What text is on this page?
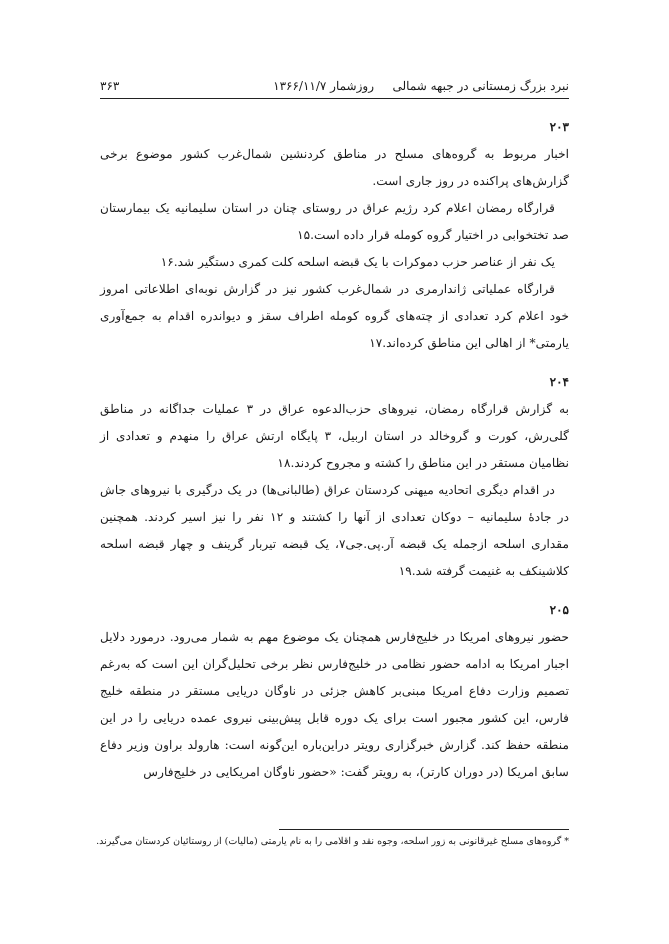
نبرد بزرگ زمستانی در جبهه شمالی
روزشمار ۱۳۶۶/۱۱/۷
۳۶۳
۲۰۳

اخبار مربوط به گروه‌های مسلح در مناطق کردنشین شمال‌غرب کشور موضوع برخی گزارش‌های پراکنده در روز جاری است.

قرارگاه رمضان اعلام کرد رژیم عراق در روستای چنان در استان سلیمانیه یک بیمارستان صد تختخوابی در اختیار گروه کومله قرار داده است.۱۵

یک نفر از عناصر حزب دموکرات با یک قبضه اسلحه کلت کمری دستگیر شد.۱۶

قرارگاه عملیاتی ژاندارمری در شمال‌غرب کشور نیز در گزارش نوبه‌ای اطلاعاتی امروز خود اعلام کرد تعدادی از چته‌های گروه کومله اطراف سقز و دیواندره اقدام به جمع‌آوری یارمتی* از اهالی این مناطق کرده‌اند.۱۷

۲۰۴

به گزارش قرارگاه رمضان، نیروهای حزب‌الدعوه عراق در ۳ عملیات جداگانه در مناطق گلی‌رش، کورت و گروخالد در استان اربیل، ۳ پایگاه ارتش عراق را منهدم و تعدادی از نظامیان مستقر در این مناطق را کشته و مجروح کردند.۱۸

در اقدام دیگری اتحادیه میهنی کردستان عراق (طالبانی‌ها) در یک درگیری با نیروهای جاش در جادهٔ سلیمانیه – دوکان تعدادی از آنها را کشتند و ۱۲ نفر را نیز اسیر کردند. همچنین مقداری اسلحه ازجمله یک قبضه آر.پی.جی۷، یک قبضه تیربار گرینف و چهار قبضه اسلحه کلاشینکف به غنیمت گرفته شد.۱۹

۲۰۵

حضور نیروهای امریکا در خلیج‌فارس همچنان یک موضوع مهم به شمار می‌رود. درمورد دلایل اجبار امریکا به ادامه حضور نظامی در خلیج‌فارس نظر برخی تحلیل‌گران این است که به‌رغم تصمیم وزارت دفاع امریکا مبنی‌بر کاهش جزئی در ناوگان دریایی مستقر در منطقه خلیج فارس، این کشور مجبور است برای یک دوره قابل پیش‌بینی نیروی عمده دریایی را در این منطقه حفظ کند. گزارش خبرگزاری رویتر دراین‌باره این‌گونه است: هارولد براون وزیر دفاع سابق امریکا (در دوران کارتر)، به رویتر گفت: «حضور ناوگان امریکایی در خلیج‌فارس

* گروه‌های مسلح غیرقانونی به زور اسلحه، وجوه نقد و اقلامی را به نام یارمتی (مالیات) از روستائیان کردستان می‌گیرند.
